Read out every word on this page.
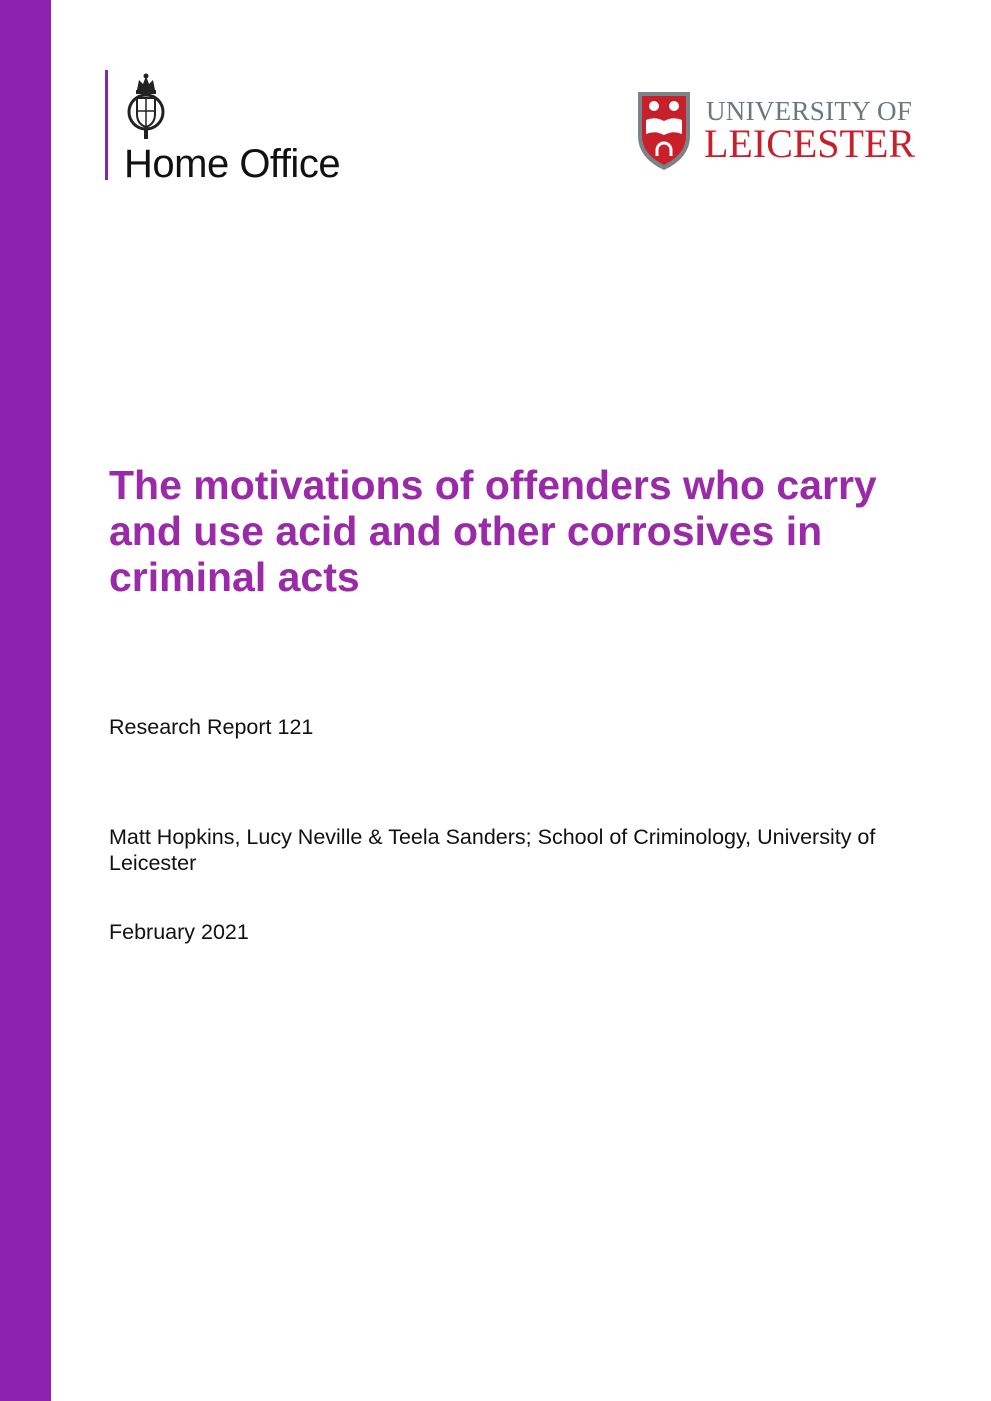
Home Office
UNIVERSITY OF
LEICESTER
The motivations of offenders who carry and use acid and other corrosives in criminal acts
Research Report 121
Matt Hopkins, Lucy Neville & Teela Sanders; School of Criminology, University of Leicester
February 2021
